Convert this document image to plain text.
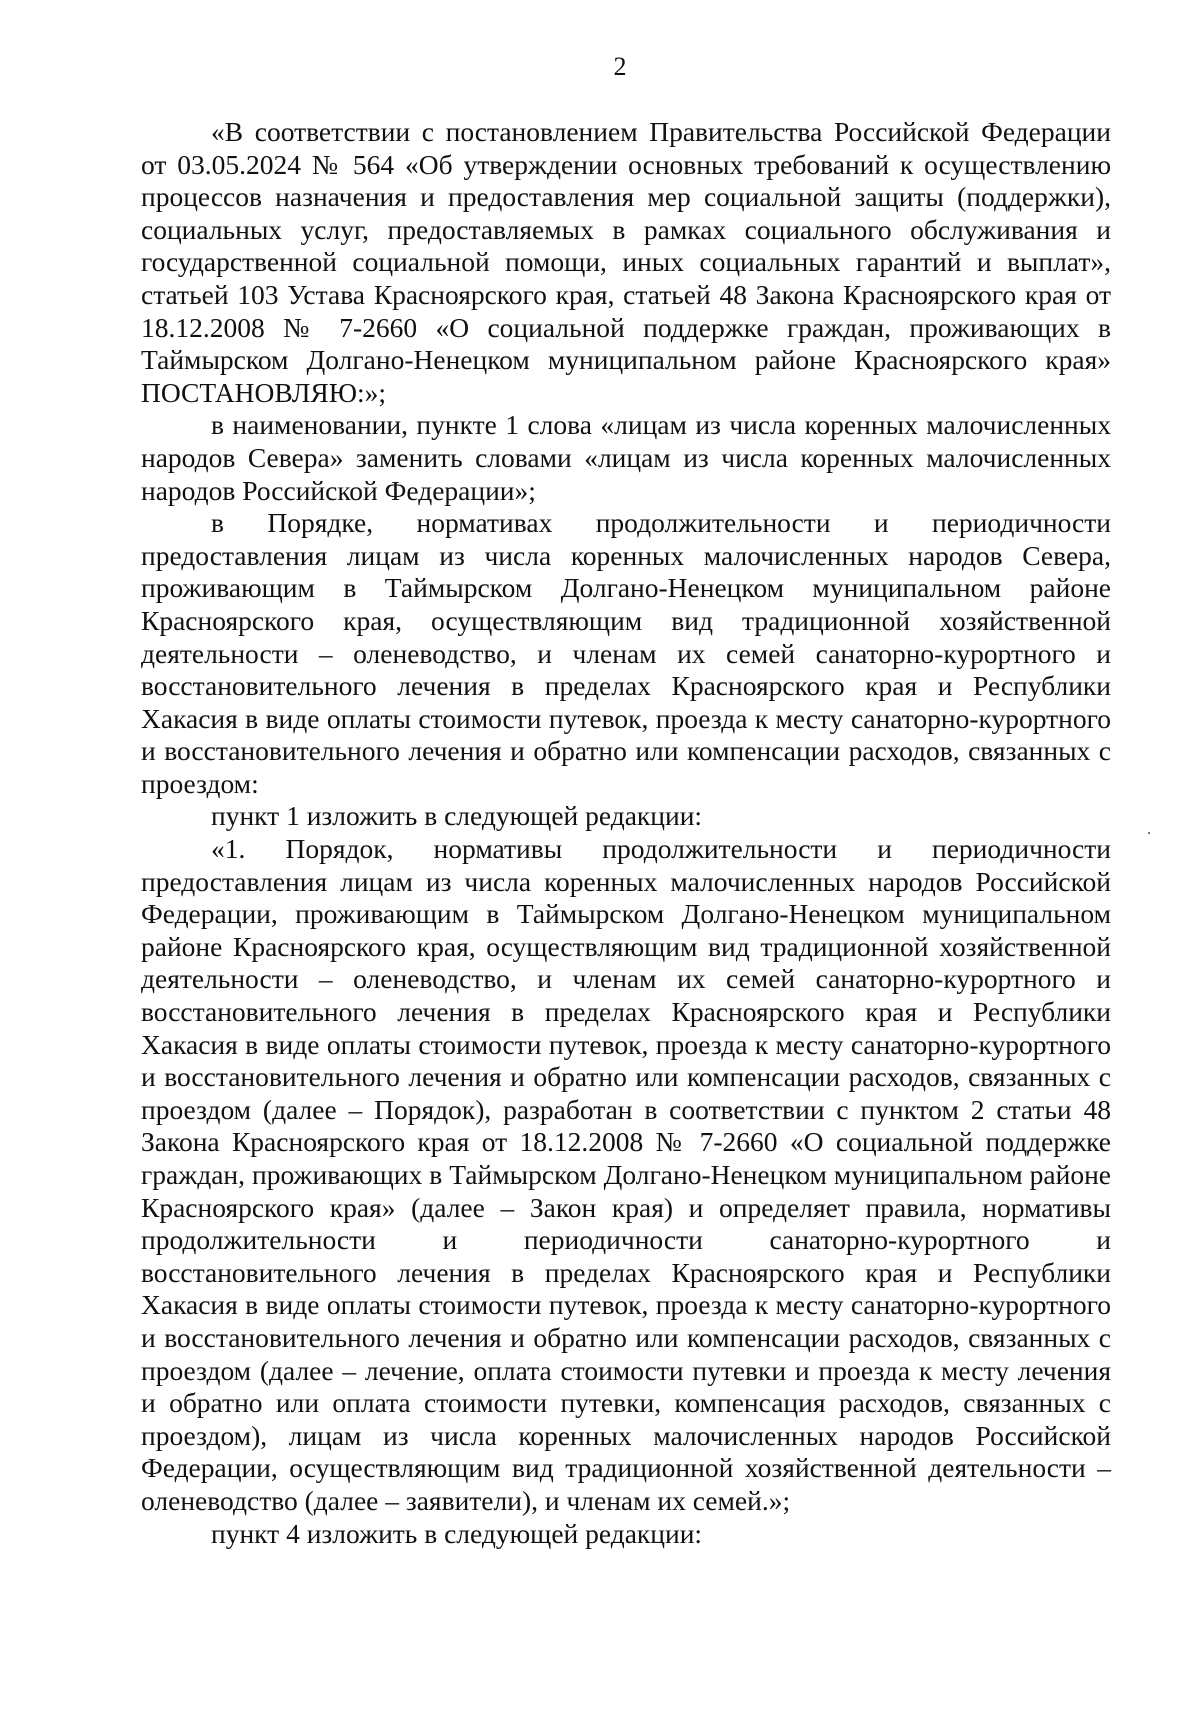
2

«В соответствии с постановлением Правительства Российской Федерации от 03.05.2024 № 564 «Об утверждении основных требований к осуществлению процессов назначения и предоставления мер социальной защиты (поддержки), социальных услуг, предоставляемых в рамках социального обслуживания и государственной социальной помощи, иных социальных гарантий и выплат», статьей 103 Устава Красноярского края, статьей 48 Закона Красноярского края от 18.12.2008 № 7-2660 «О социальной поддержке граждан, проживающих в Таймырском Долгано-Ненецком муниципальном районе Красноярского края» ПОСТАНОВЛЯЮ:»;

в наименовании, пункте 1 слова «лицам из числа коренных малочисленных народов Севера» заменить словами «лицам из числа коренных малочисленных народов Российской Федерации»;

в Порядке, нормативах продолжительности и периодичности предоставления лицам из числа коренных малочисленных народов Севера, проживающим в Таймырском Долгано-Ненецком муниципальном районе Красноярского края, осуществляющим вид традиционной хозяйственной деятельности – оленеводство, и членам их семей санаторно-курортного и восстановительного лечения в пределах Красноярского края и Республики Хакасия в виде оплаты стоимости путевок, проезда к месту санаторно-курортного и восстановительного лечения и обратно или компенсации расходов, связанных с проездом:

пункт 1 изложить в следующей редакции:

«1. Порядок, нормативы продолжительности и периодичности предоставления лицам из числа коренных малочисленных народов Российской Федерации, проживающим в Таймырском Долгано-Ненецком муниципальном районе Красноярского края, осуществляющим вид традиционной хозяйственной деятельности – оленеводство, и членам их семей санаторно-курортного и восстановительного лечения в пределах Красноярского края и Республики Хакасия в виде оплаты стоимости путевок, проезда к месту санаторно-курортного и восстановительного лечения и обратно или компенсации расходов, связанных с проездом (далее – Порядок), разработан в соответствии с пунктом 2 статьи 48 Закона Красноярского края от 18.12.2008 № 7-2660 «О социальной поддержке граждан, проживающих в Таймырском Долгано-Ненецком муниципальном районе Красноярского края» (далее – Закон края) и определяет правила, нормативы продолжительности и периодичности санаторно-курортного и восстановительного лечения в пределах Красноярского края и Республики Хакасия в виде оплаты стоимости путевок, проезда к месту санаторно-курортного и восстановительного лечения и обратно или компенсации расходов, связанных с проездом (далее – лечение, оплата стоимости путевки и проезда к месту лечения и обратно или оплата стоимости путевки, компенсация расходов, связанных с проездом), лицам из числа коренных малочисленных народов Российской Федерации, осуществляющим вид традиционной хозяйственной деятельности – оленеводство (далее – заявители), и членам их семей.»;

пункт 4 изложить в следующей редакции:
